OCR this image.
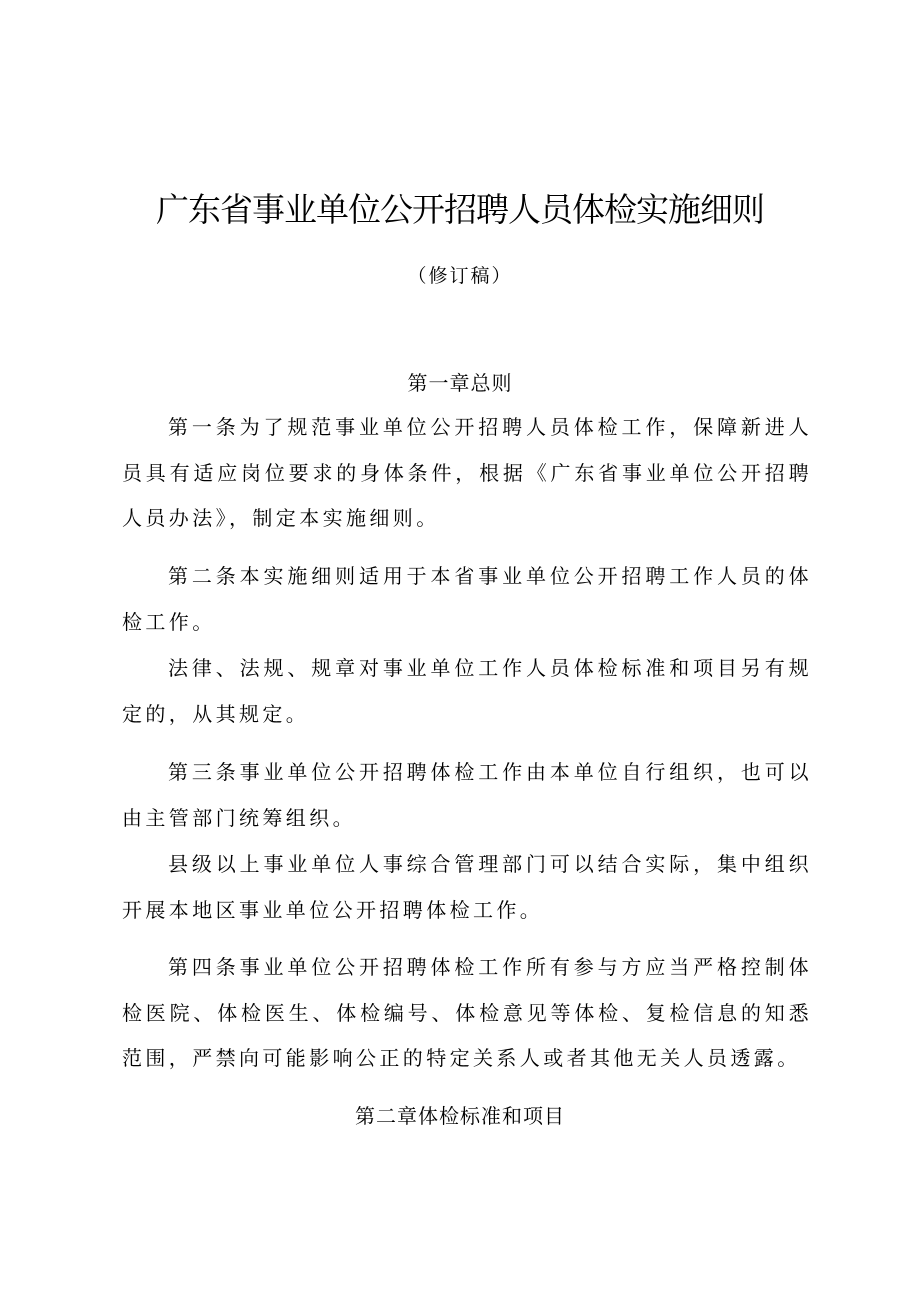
广东省事业单位公开招聘人员体检实施细则
（修订稿）
第一章总则

第一条为了规范事业单位公开招聘人员体检工作，保障新进人员具有适应岗位要求的身体条件，根据《广东省事业单位公开招聘人员办法》，制定本实施细则。

第二条本实施细则适用于本省事业单位公开招聘工作人员的体检工作。

法律、法规、规章对事业单位工作人员体检标准和项目另有规定的，从其规定。

第三条事业单位公开招聘体检工作由本单位自行组织，也可以由主管部门统筹组织。

县级以上事业单位人事综合管理部门可以结合实际，集中组织开展本地区事业单位公开招聘体检工作。

第四条事业单位公开招聘体检工作所有参与方应当严格控制体检医院、体检医生、体检编号、体检意见等体检、复检信息的知悉范围，严禁向可能影响公正的特定关系人或者其他无关人员透露。

第二章体检标准和项目
